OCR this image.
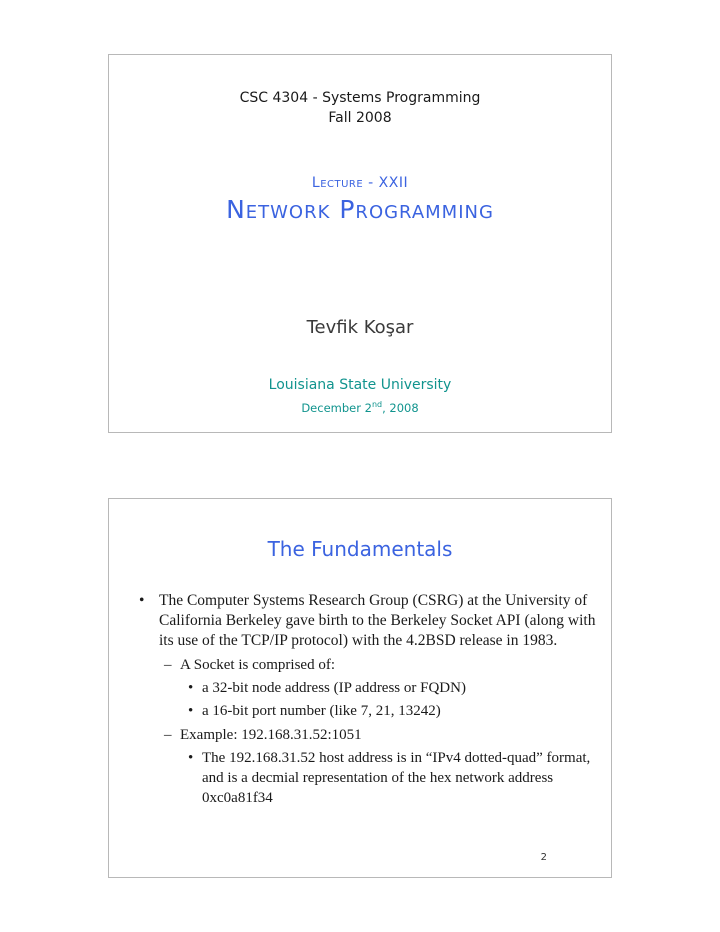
CSC 4304 - Systems Programming
Fall 2008
Lecture - XXII
Network Programming
Tevfik Koşar
Louisiana State University
December 2nd, 2008
The Fundamentals
• The Computer Systems Research Group (CSRG) at the University of California Berkeley gave birth to the Berkeley Socket API (along with its use of the TCP/IP protocol) with the 4.2BSD release in 1983.
– A Socket is comprised of:
• a 32-bit node address (IP address or FQDN)
• a 16-bit port number (like 7, 21, 13242)
– Example: 192.168.31.52:1051
• The 192.168.31.52 host address is in “IPv4 dotted-quad” format, and is a decmial representation of the hex network address 0xc0a81f34
2
